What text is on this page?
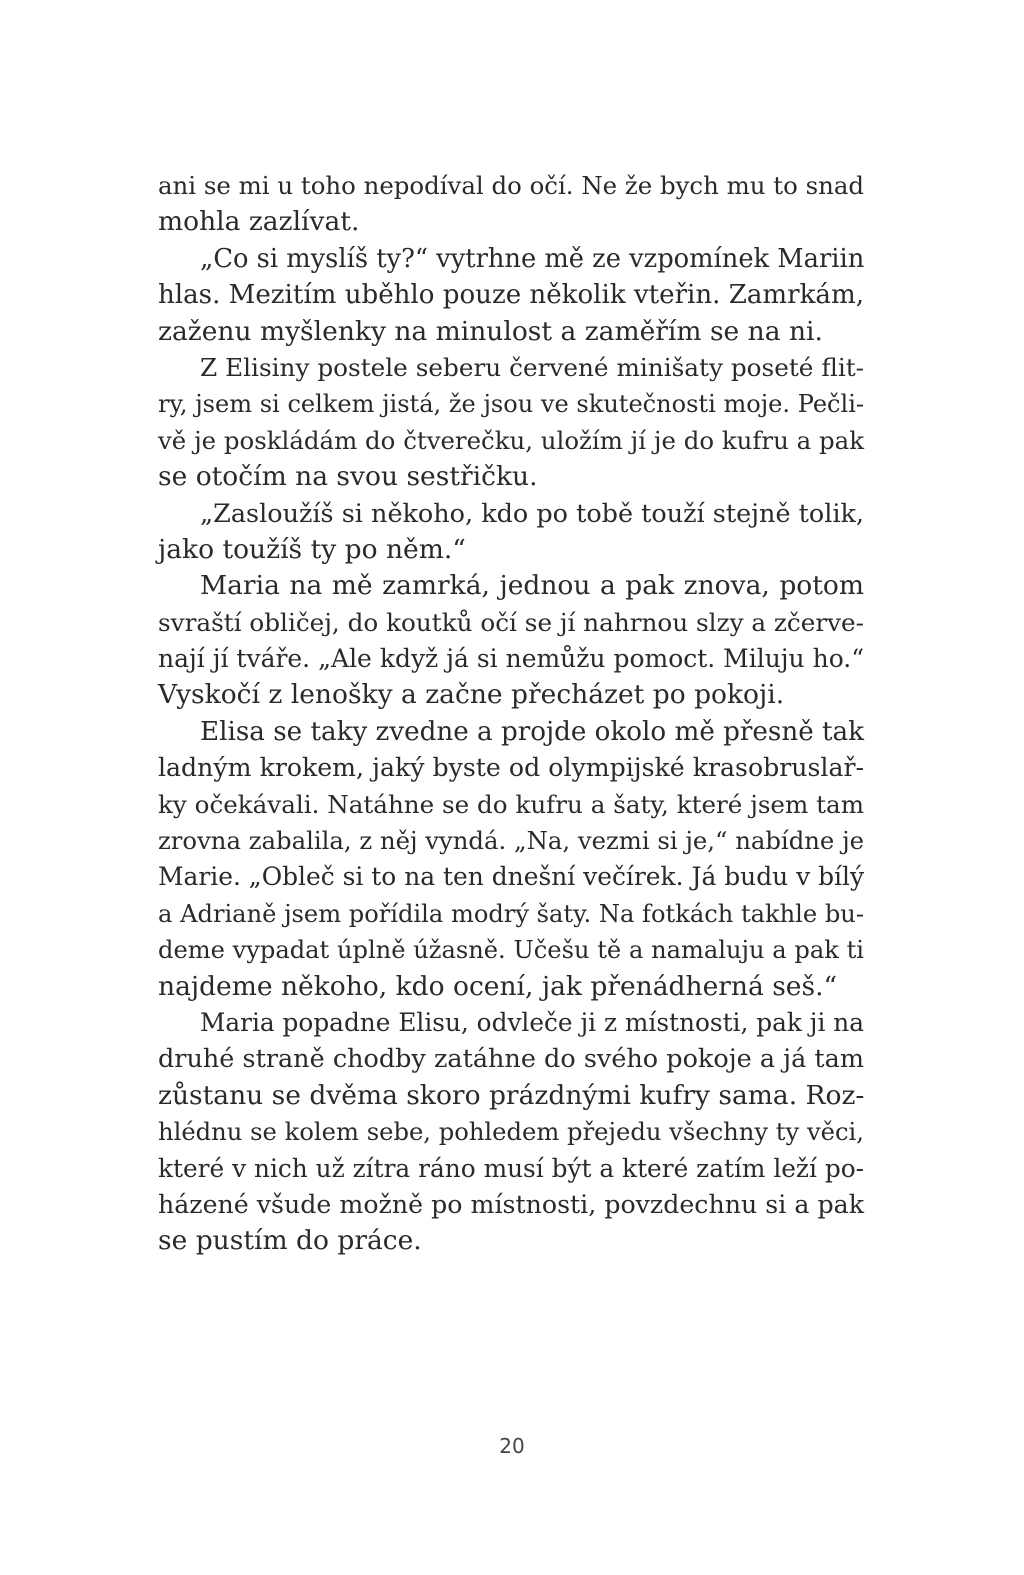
ani se mi u toho nepodíval do očí. Ne že bych mu to snad
mohla zazlívat.
„Co si myslíš ty?“ vytrhne mě ze vzpomínek Mariin
hlas. Mezitím uběhlo pouze několik vteřin. Zamrkám,
zaženu myšlenky na minulost a zaměřím se na ni.
Z Elisiny postele seberu červené minišaty poseté flit-
ry, jsem si celkem jistá, že jsou ve skutečnosti moje. Pečli-
vě je poskládám do čtverečku, uložím jí je do kufru a pak
se otočím na svou sestřičku.
„Zasloužíš si někoho, kdo po tobě touží stejně tolik,
jako toužíš ty po něm.“
Maria na mě zamrká, jednou a pak znova, potom
svraští obličej, do koutků očí se jí nahrnou slzy a zčerve-
nají jí tváře. „Ale když já si nemůžu pomoct. Miluju ho.“
Vyskočí z lenošky a začne přecházet po pokoji.
Elisa se taky zvedne a projde okolo mě přesně tak
ladným krokem, jaký byste od olympijské krasobruslař-
ky očekávali. Natáhne se do kufru a šaty, které jsem tam
zrovna zabalila, z něj vyndá. „Na, vezmi si je,“ nabídne je
Marie. „Obleč si to na ten dnešní večírek. Já budu v bílý
a Adrianě jsem pořídila modrý šaty. Na fotkách takhle bu-
deme vypadat úplně úžasně. Učešu tě a namaluju a pak ti
najdeme někoho, kdo ocení, jak přenádherná seš.“
Maria popadne Elisu, odvleče ji z místnosti, pak ji na
druhé straně chodby zatáhne do svého pokoje a já tam
zůstanu se dvěma skoro prázdnými kufry sama. Roz-
hlédnu se kolem sebe, pohledem přejedu všechny ty věci,
které v nich už zítra ráno musí být a které zatím leží po-
házené všude možně po místnosti, povzdechnu si a pak
se pustím do práce.
20
